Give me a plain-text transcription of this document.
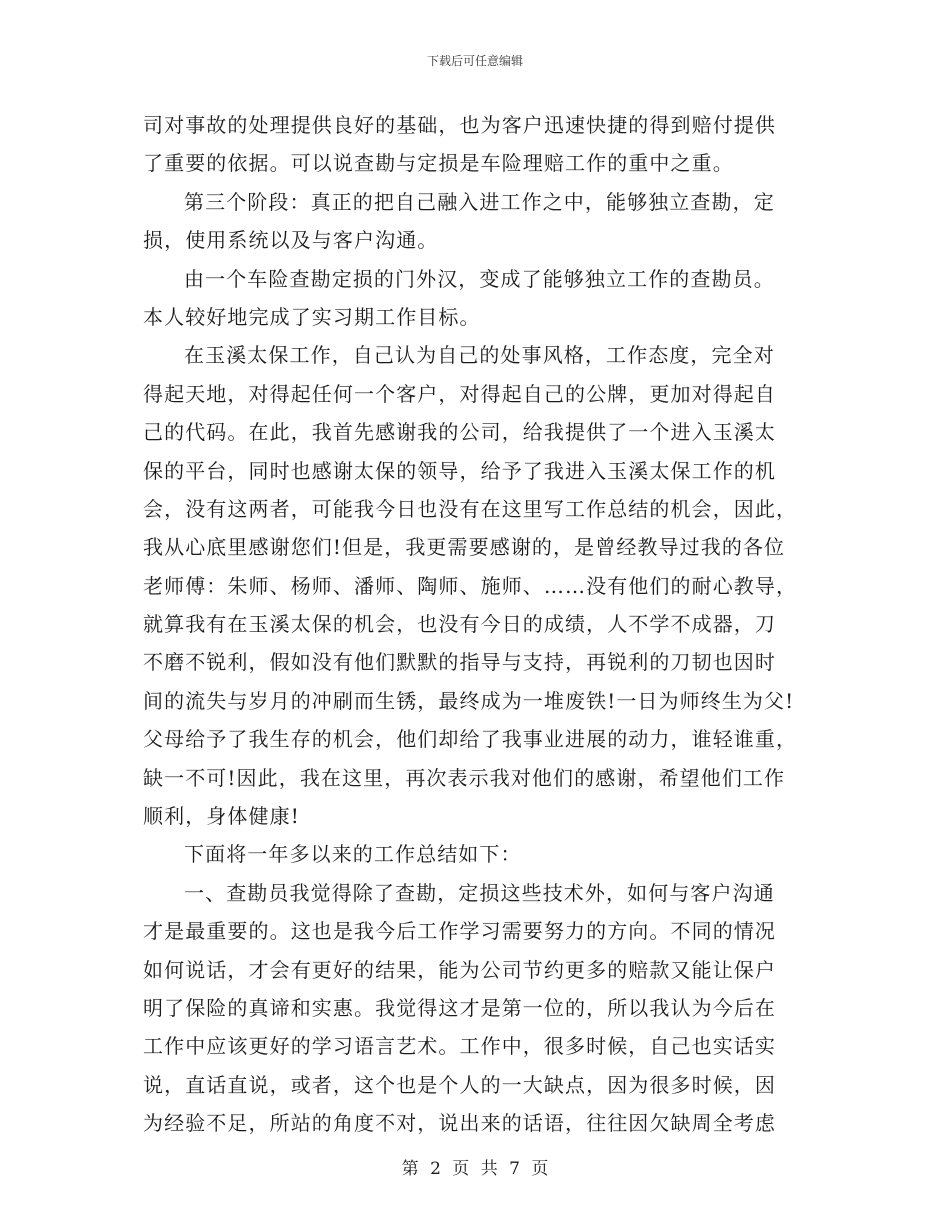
下载后可任意编辑
司对事故的处理提供良好的基础，也为客户迅速快捷的得到赔付提供
了重要的依据。可以说查勘与定损是车险理赔工作的重中之重。
第三个阶段：真正的把自己融入进工作之中，能够独立查勘，定
损，使用系统以及与客户沟通。
由一个车险查勘定损的门外汉，变成了能够独立工作的查勘员。
本人较好地完成了实习期工作目标。
在玉溪太保工作，自己认为自己的处事风格，工作态度，完全对
得起天地，对得起任何一个客户，对得起自己的公牌，更加对得起自
己的代码。在此，我首先感谢我的公司，给我提供了一个进入玉溪太
保的平台，同时也感谢太保的领导，给予了我进入玉溪太保工作的机
会，没有这两者，可能我今日也没有在这里写工作总结的机会，因此，
我从心底里感谢您们!但是，我更需要感谢的，是曾经教导过我的各位
老师傅：朱师、杨师、潘师、陶师、施师、……没有他们的耐心教导，
就算我有在玉溪太保的机会，也没有今日的成绩，人不学不成器，刀
不磨不锐利，假如没有他们默默的指导与支持，再锐利的刀韧也因时
间的流失与岁月的冲刷而生锈，最终成为一堆废铁!一日为师终生为父!
父母给予了我生存的机会，他们却给了我事业进展的动力，谁轻谁重，
缺一不可!因此，我在这里，再次表示我对他们的感谢，希望他们工作
顺利，身体健康!
下面将一年多以来的工作总结如下：
一、查勘员我觉得除了查勘，定损这些技术外，如何与客户沟通
才是最重要的。这也是我今后工作学习需要努力的方向。不同的情况
如何说话，才会有更好的结果，能为公司节约更多的赔款又能让保户
明了保险的真谛和实惠。我觉得这才是第一位的，所以我认为今后在
工作中应该更好的学习语言艺术。工作中，很多时候，自己也实话实
说，直话直说，或者，这个也是个人的一大缺点，因为很多时候，因
为经验不足，所站的角度不对，说出来的话语，往往因欠缺周全考虑
第 2 页 共 7 页
